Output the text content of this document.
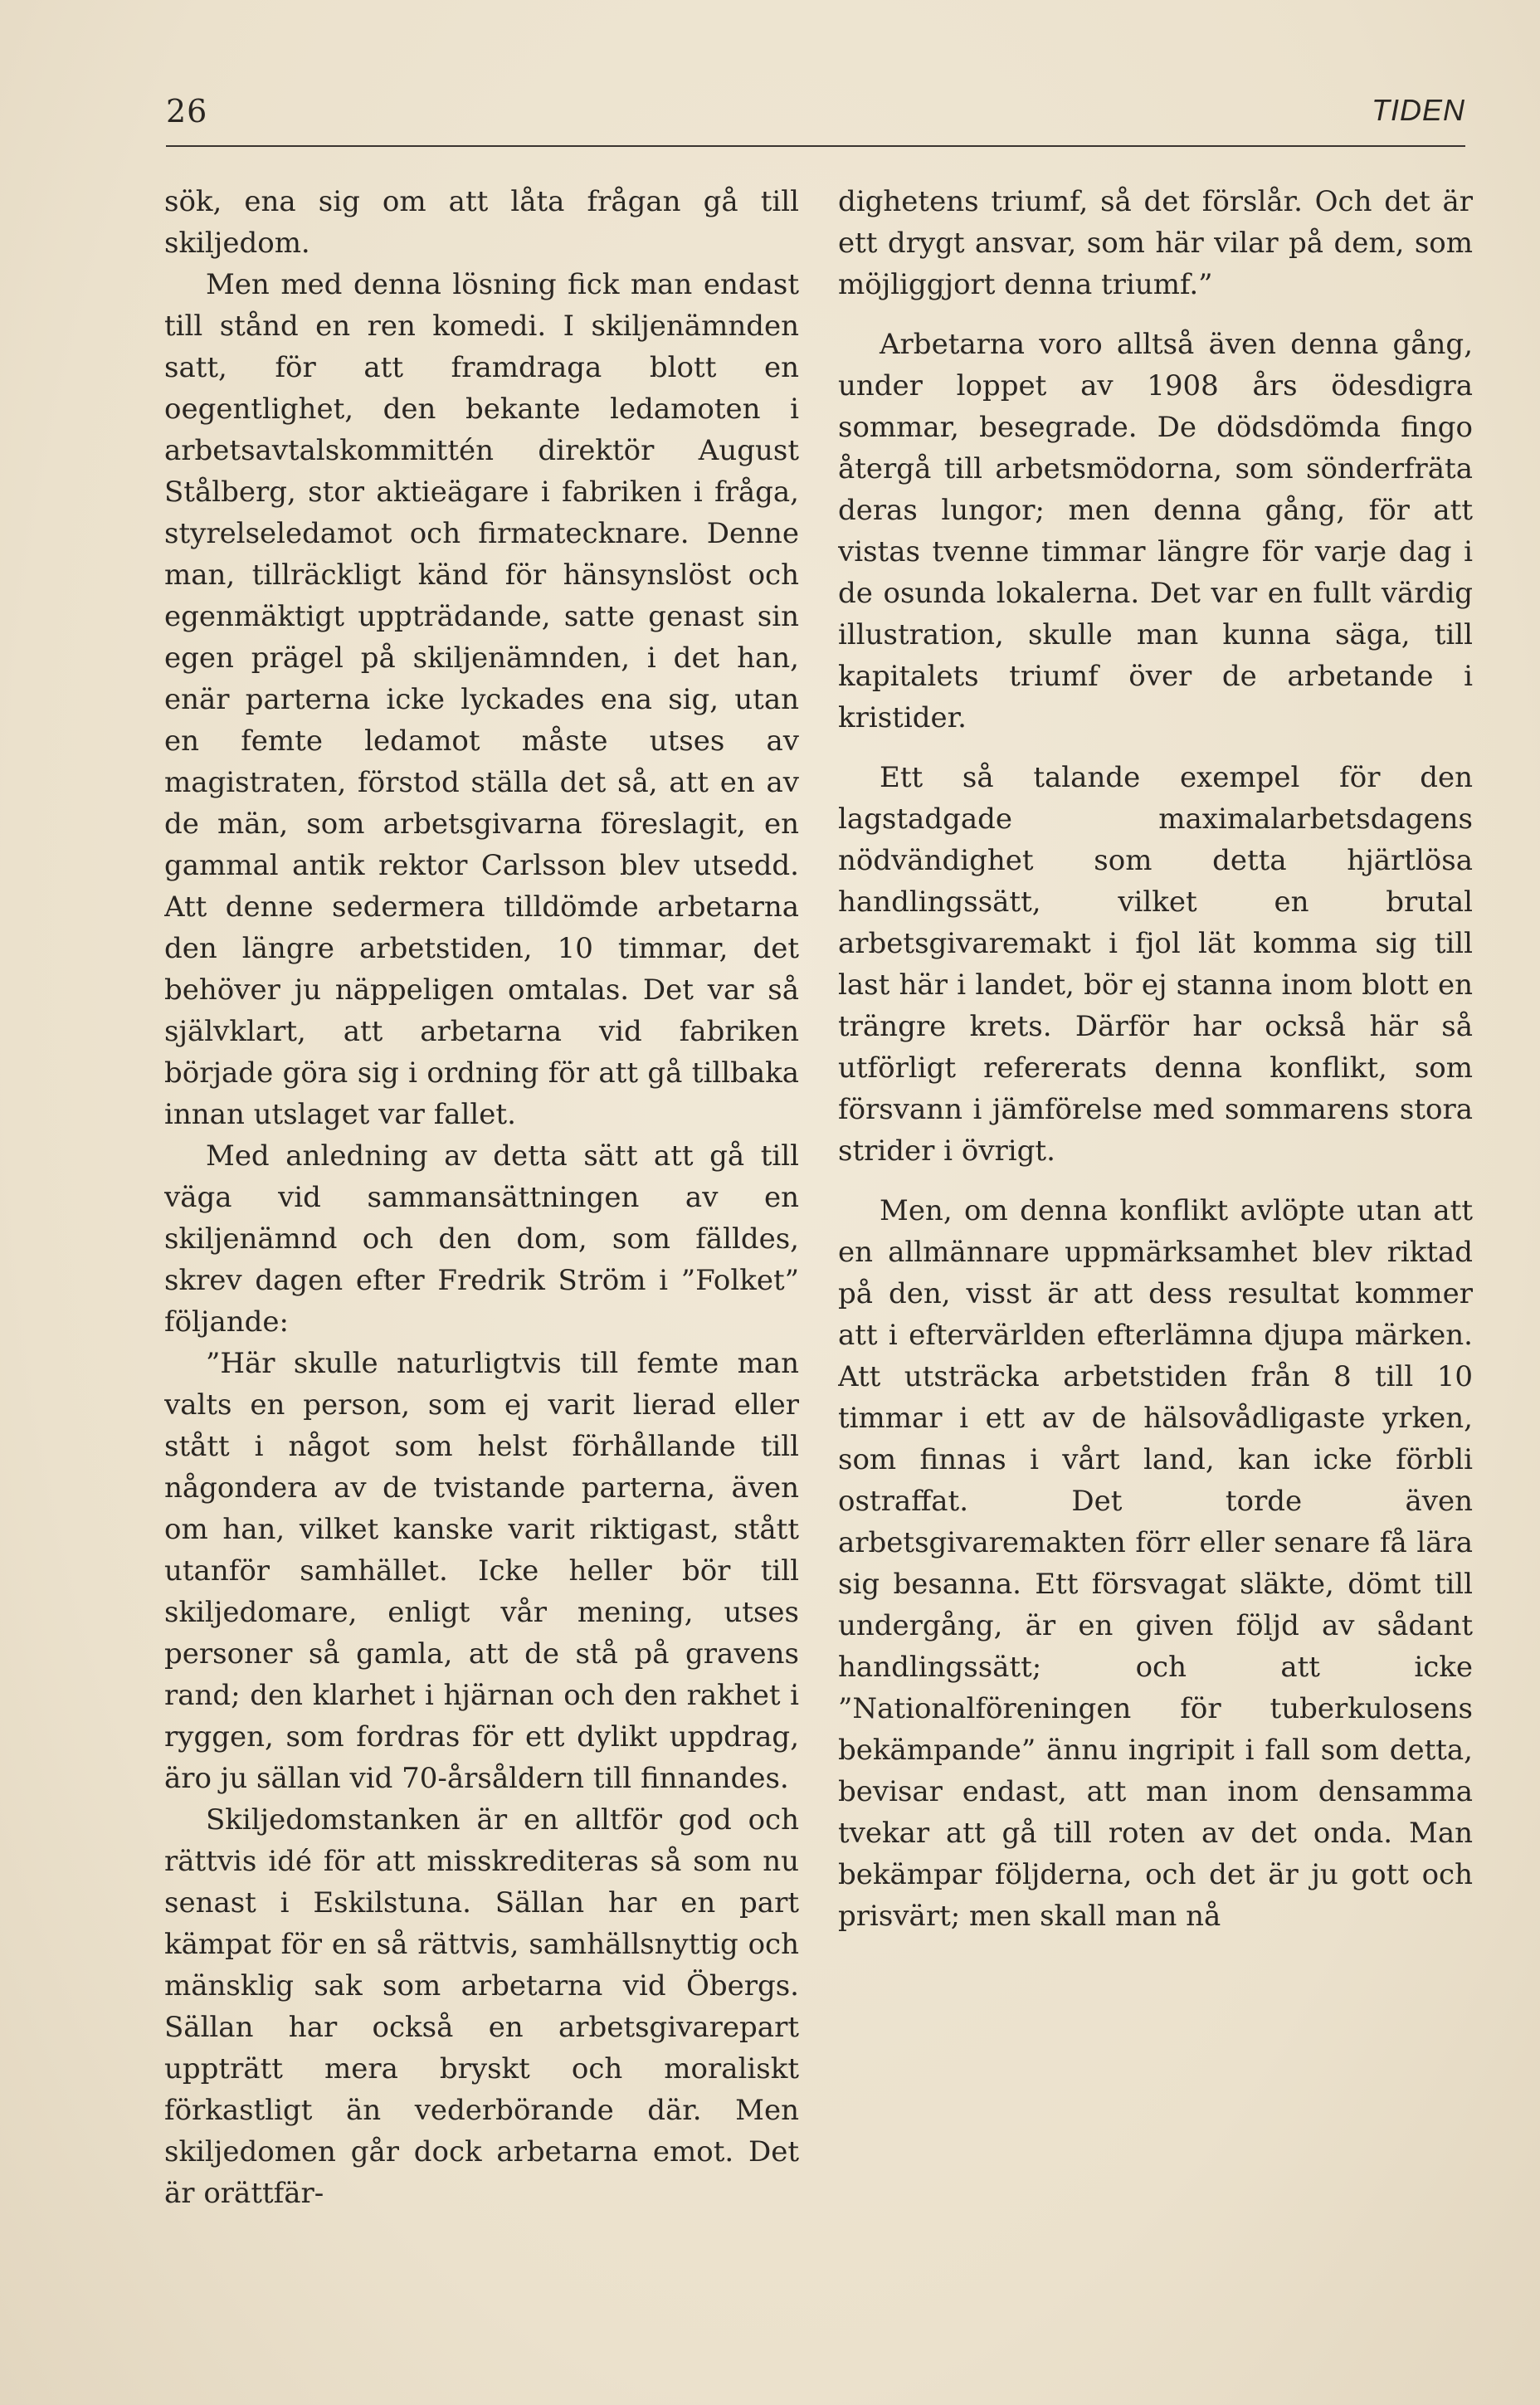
26	TIDEN

sök, ena sig om att låta frågan gå till skiljedom.

Men med denna lösning fick man endast till stånd en ren komedi. I skiljenämnden satt, för att framdraga blott en oegentlighet, den bekante ledamoten i arbetsavtalskommittén direktör August Stålberg, stor aktieägare i fabriken i fråga, styrelseledamot och firmatecknare. Denne man, tillräckligt känd för hänsynslöst och egenmäktigt uppträdande, satte genast sin egen prägel på skiljenämnden, i det han, enär parterna icke lyckades ena sig, utan en femte ledamot måste utses av magistraten, förstod ställa det så, att en av de män, som arbetsgivarna föreslagit, en gammal antik rektor Carlsson blev utsedd. Att denne sedermera tilldömde arbetarna den längre arbetstiden, 10 timmar, det behöver ju näppeligen omtalas. Det var så självklart, att arbetarna vid fabriken började göra sig i ordning för att gå tillbaka innan utslaget var fallet.

Med anledning av detta sätt att gå till väga vid sammansättningen av en skiljenämnd och den dom, som fälldes, skrev dagen efter Fredrik Ström i ”Folket” följande:

”Här skulle naturligtvis till femte man valts en person, som ej varit lierad eller stått i något som helst förhållande till någondera av de tvistande parterna, även om han, vilket kanske varit riktigast, stått utanför samhället. Icke heller bör till skiljedomare, enligt vår mening, utses personer så gamla, att de stå på gravens rand; den klarhet i hjärnan och den rakhet i ryggen, som fordras för ett dylikt uppdrag, äro ju sällan vid 70-årsåldern till finnandes.

Skiljedomstanken är en alltför god och rättvis idé för att misskrediteras så som nu senast i Eskilstuna. Sällan har en part kämpat för en så rättvis, samhällsnyttig och mänsklig sak som arbetarna vid Öbergs. Sällan har också en arbetsgivarepart uppträtt mera bryskt och moraliskt förkastligt än vederbörande där. Men skiljedomen går dock arbetarna emot. Det är orättfär-

dighetens triumf, så det förslår. Och det är ett drygt ansvar, som här vilar på dem, som möjliggjort denna triumf.”

Arbetarna voro alltså även denna gång, under loppet av 1908 års ödesdigra sommar, besegrade. De dödsdömda fingo återgå till arbetsmödorna, som sönderfräta deras lungor; men denna gång, för att vistas tvenne timmar längre för varje dag i de osunda lokalerna. Det var en fullt värdig illustration, skulle man kunna säga, till kapitalets triumf över de arbetande i kristider.

Ett så talande exempel för den lagstadgade maximalarbetsdagens nödvändighet som detta hjärtlösa handlingssätt, vilket en brutal arbetsgivaremakt i fjol lät komma sig till last här i landet, bör ej stanna inom blott en trängre krets. Därför har också här så utförligt refererats denna konflikt, som försvann i jämförelse med sommarens stora strider i övrigt.

Men, om denna konflikt avlöpte utan att en allmännare uppmärksamhet blev riktad på den, visst är att dess resultat kommer att i eftervärlden efterlämna djupa märken. Att utsträcka arbetstiden från 8 till 10 timmar i ett av de hälsovådligaste yrken, som finnas i vårt land, kan icke förbli ostraffat. Det torde även arbetsgivaremakten förr eller senare få lära sig besanna. Ett försvagat släkte, dömt till undergång, är en given följd av sådant handlingssätt; och att icke ”Nationalföreningen för tuberkulosens bekämpande” ännu ingripit i fall som detta, bevisar endast, att man inom densamma tvekar att gå till roten av det onda. Man bekämpar följderna, och det är ju gott och prisvärt; men skall man nå
